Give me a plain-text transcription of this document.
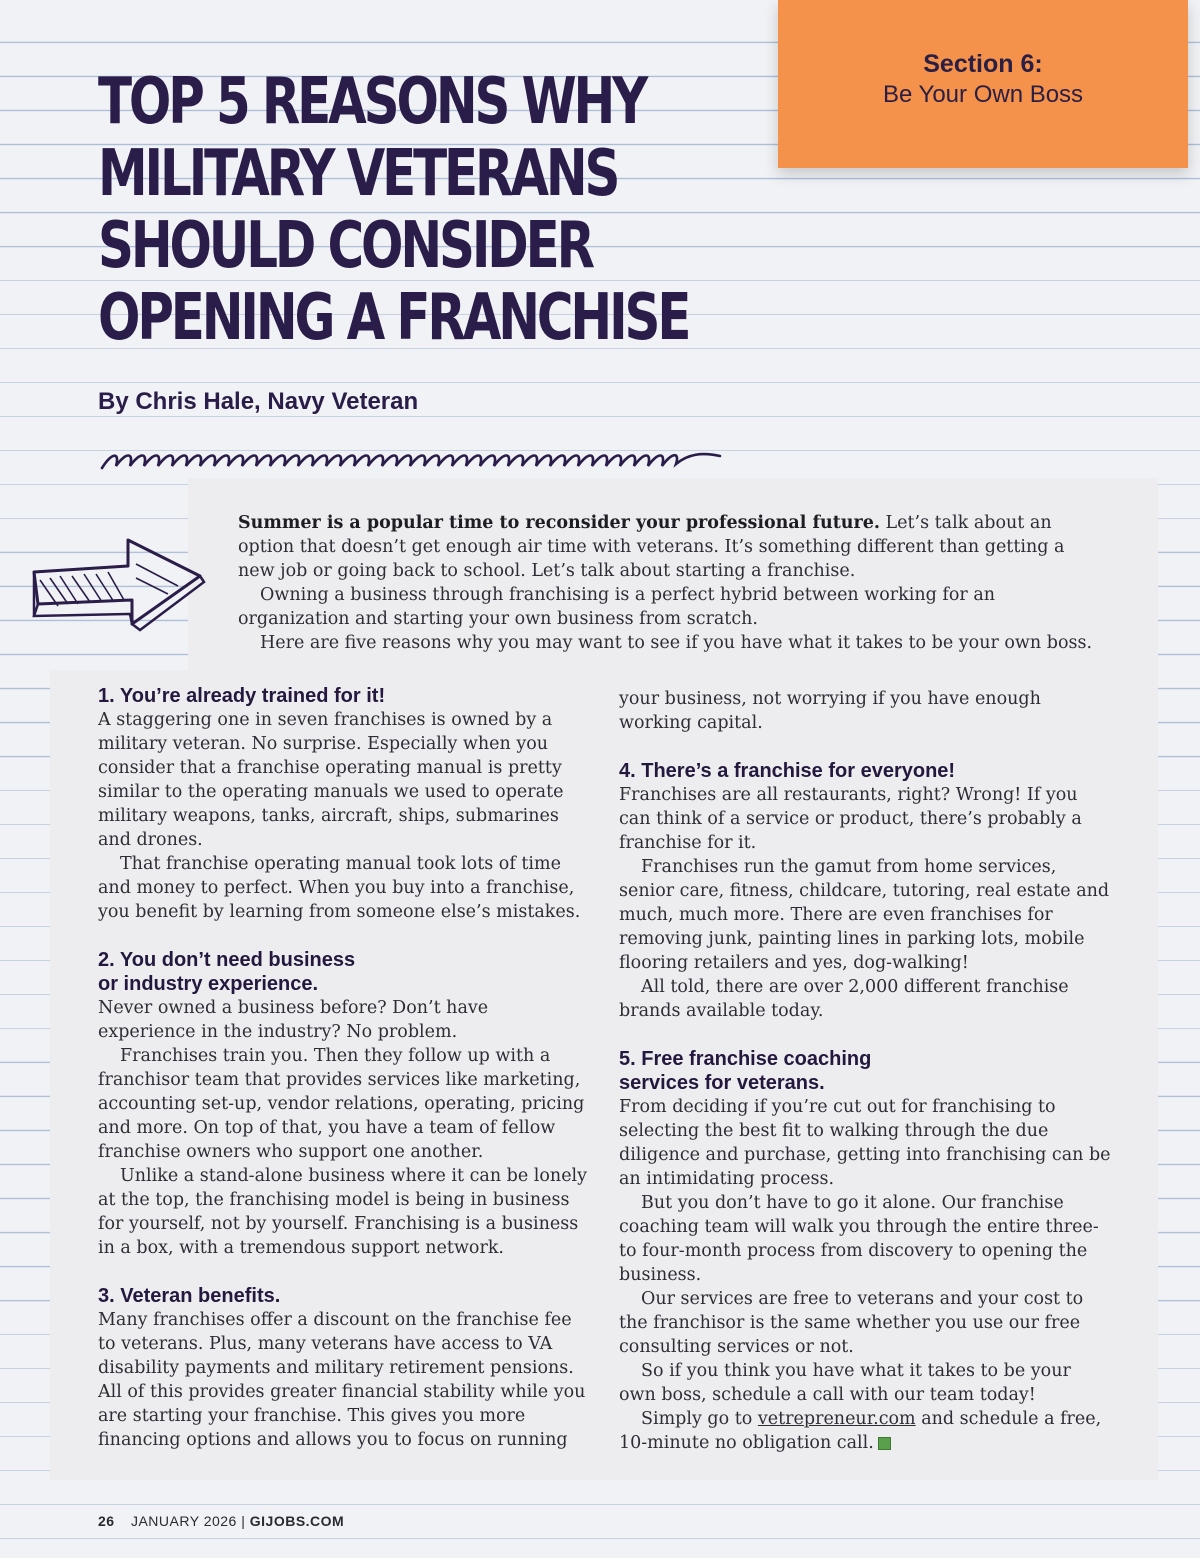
Section 6:
Be Your Own Boss
TOP 5 REASONS WHY
MILITARY VETERANS
SHOULD CONSIDER
OPENING A FRANCHISE
By Chris Hale, Navy Veteran

Summer is a popular time to reconsider your professional future. Let’s talk about an option that doesn’t get enough air time with veterans. It’s something different than getting a new job or going back to school. Let’s talk about starting a franchise.

Owning a business through franchising is a perfect hybrid between working for an organization and starting your own business from scratch.

Here are five reasons why you may want to see if you have what it takes to be your own boss.

1. You’re already trained for it!

A staggering one in seven franchises is owned by a military veteran. No surprise. Especially when you consider that a franchise operating manual is pretty similar to the operating manuals we used to operate military weapons, tanks, aircraft, ships, submarines and drones.

That franchise operating manual took lots of time and money to perfect. When you buy into a franchise, you benefit by learning from someone else’s mistakes.

2. You don’t need business
or industry experience.

Never owned a business before? Don’t have experience in the industry? No problem.

Franchises train you. Then they follow up with a franchisor team that provides services like marketing, accounting set-up, vendor relations, operating, pricing and more. On top of that, you have a team of fellow franchise owners who support one another.

Unlike a stand-alone business where it can be lonely at the top, the franchising model is being in business for yourself, not by yourself. Franchising is a business in a box, with a tremendous support network.

3. Veteran benefits.

Many franchises offer a discount on the franchise fee to veterans. Plus, many veterans have access to VA disability payments and military retirement pensions. All of this provides greater financial stability while you are starting your franchise. This gives you more financing options and allows you to focus on running

your business, not worrying if you have enough working capital.

4. There’s a franchise for everyone!

Franchises are all restaurants, right? Wrong! If you can think of a service or product, there’s probably a franchise for it.

Franchises run the gamut from home services, senior care, fitness, childcare, tutoring, real estate and much, much more. There are even franchises for removing junk, painting lines in parking lots, mobile flooring retailers and yes, dog-walking!

All told, there are over 2,000 different franchise brands available today.

5. Free franchise coaching
services for veterans.

From deciding if you’re cut out for franchising to selecting the best fit to walking through the due diligence and purchase, getting into franchising can be an intimidating process.

But you don’t have to go it alone. Our franchise coaching team will walk you through the entire three- to four-month process from discovery to opening the business.

Our services are free to veterans and your cost to the franchisor is the same whether you use our free consulting services or not.

So if you think you have what it takes to be your own boss, schedule a call with our team today!

Simply go to vetrepreneur.com and schedule a free, 10-minute no obligation call.

26 JANUARY 2026 | GIJOBS.COM
